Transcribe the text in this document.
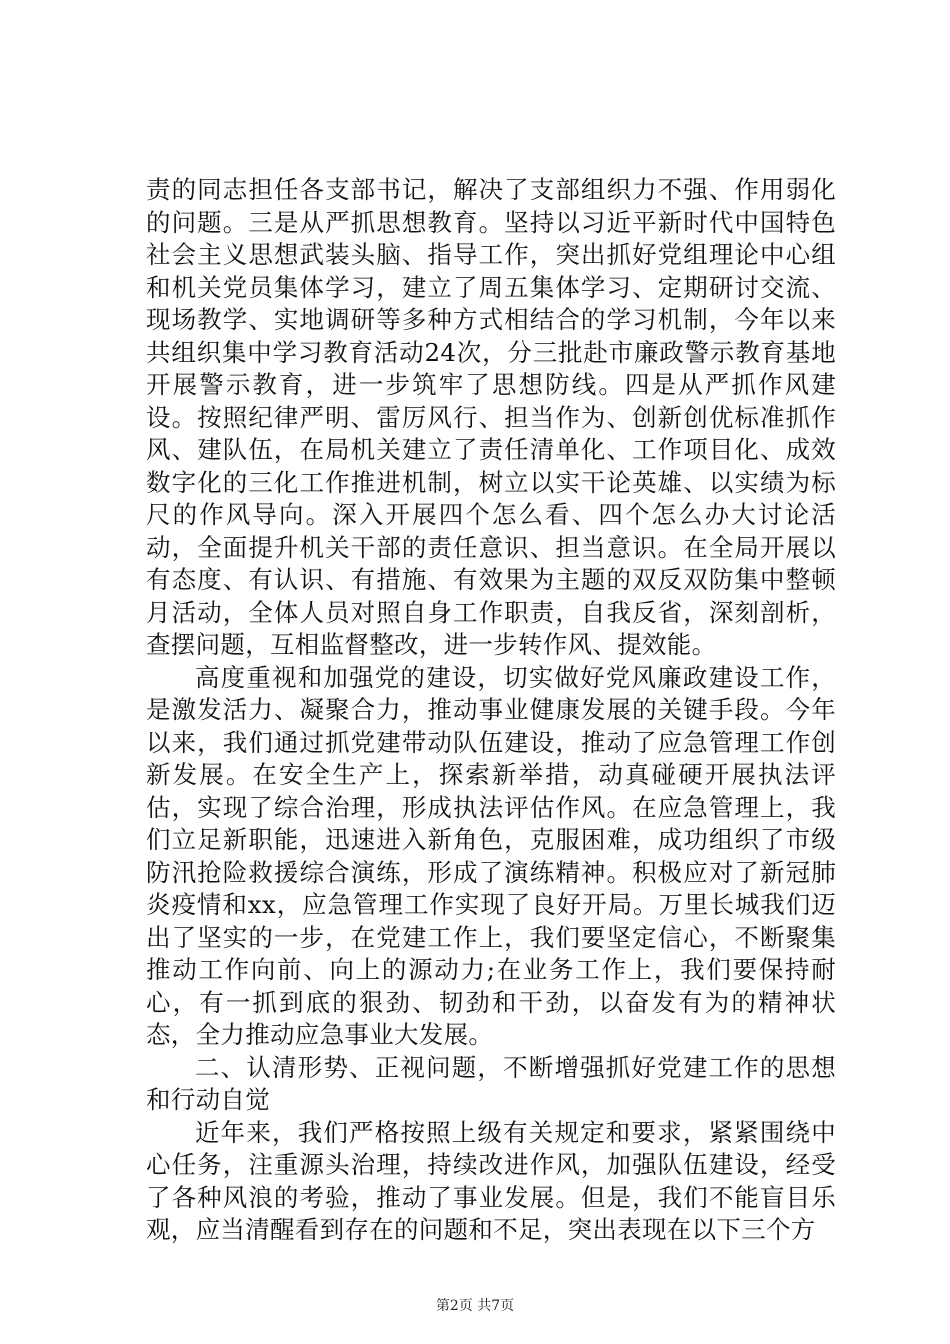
责的同志担任各支部书记，解决了支部组织力不强、作用弱化的问题。三是从严抓思想教育。坚持以习近平新时代中国特色社会主义思想武装头脑、指导工作，突出抓好党组理论中心组和机关党员集体学习，建立了周五集体学习、定期研讨交流、现场教学、实地调研等多种方式相结合的学习机制，今年以来共组织集中学习教育活动24次，分三批赴市廉政警示教育基地开展警示教育，进一步筑牢了思想防线。四是从严抓作风建设。按照纪律严明、雷厉风行、担当作为、创新创优标准抓作风、建队伍，在局机关建立了责任清单化、工作项目化、成效数字化的三化工作推进机制，树立以实干论英雄、以实绩为标尺的作风导向。深入开展四个怎么看、四个怎么办大讨论活动，全面提升机关干部的责任意识、担当意识。在全局开展以有态度、有认识、有措施、有效果为主题的双反双防集中整顿月活动，全体人员对照自身工作职责，自我反省，深刻剖析，查摆问题，互相监督整改，进一步转作风、提效能。

高度重视和加强党的建设，切实做好党风廉政建设工作，是激发活力、凝聚合力，推动事业健康发展的关键手段。今年以来，我们通过抓党建带动队伍建设，推动了应急管理工作创新发展。在安全生产上，探索新举措，动真碰硬开展执法评估，实现了综合治理，形成执法评估作风。在应急管理上，我们立足新职能，迅速进入新角色，克服困难，成功组织了市级防汛抢险救援综合演练，形成了演练精神。积极应对了新冠肺炎疫情和xx，应急管理工作实现了良好开局。万里长城我们迈出了坚实的一步，在党建工作上，我们要坚定信心，不断聚集推动工作向前、向上的源动力;在业务工作上，我们要保持耐心，有一抓到底的狠劲、韧劲和干劲，以奋发有为的精神状态，全力推动应急事业大发展。

二、认清形势、正视问题，不断增强抓好党建工作的思想和行动自觉

近年来，我们严格按照上级有关规定和要求，紧紧围绕中心任务，注重源头治理，持续改进作风，加强队伍建设，经受了各种风浪的考验，推动了事业发展。但是，我们不能盲目乐观，应当清醒看到存在的问题和不足，突出表现在以下三个方

第2页 共7页
